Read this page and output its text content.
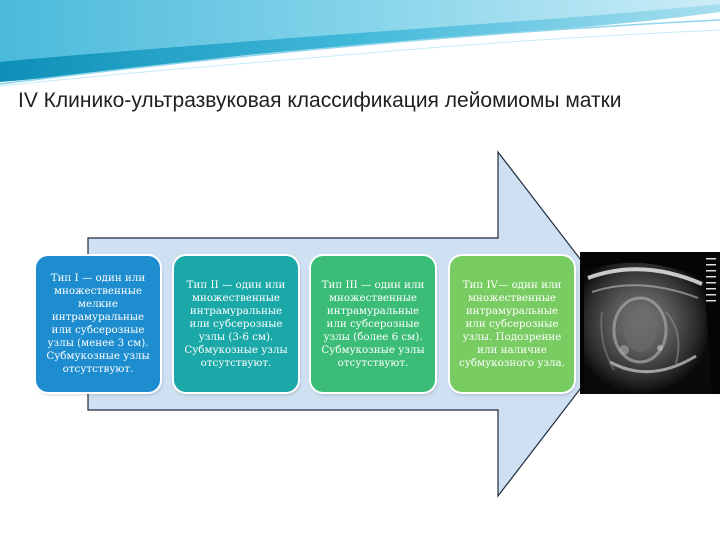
IV Клинико-ультразвуковая классификация лейомиомы матки
Тип I — один или множественные мелкие интрамуральные или субсерозные узлы (менее 3 см). Субмукозные узлы отсутствуют.
Тип II — один или множественные интрамуральные или субсерозные узлы (3-6 см). Субмукозные узлы отсутствуют.
Тип III — один или множественные интрамуральные или субсерозные узлы (более 6 см). Субмукозные узлы отсутствуют.
Тип IV— один или множественные интрамуральные или субсерозные узлы. Подозрение или наличие субмукозного узла.
